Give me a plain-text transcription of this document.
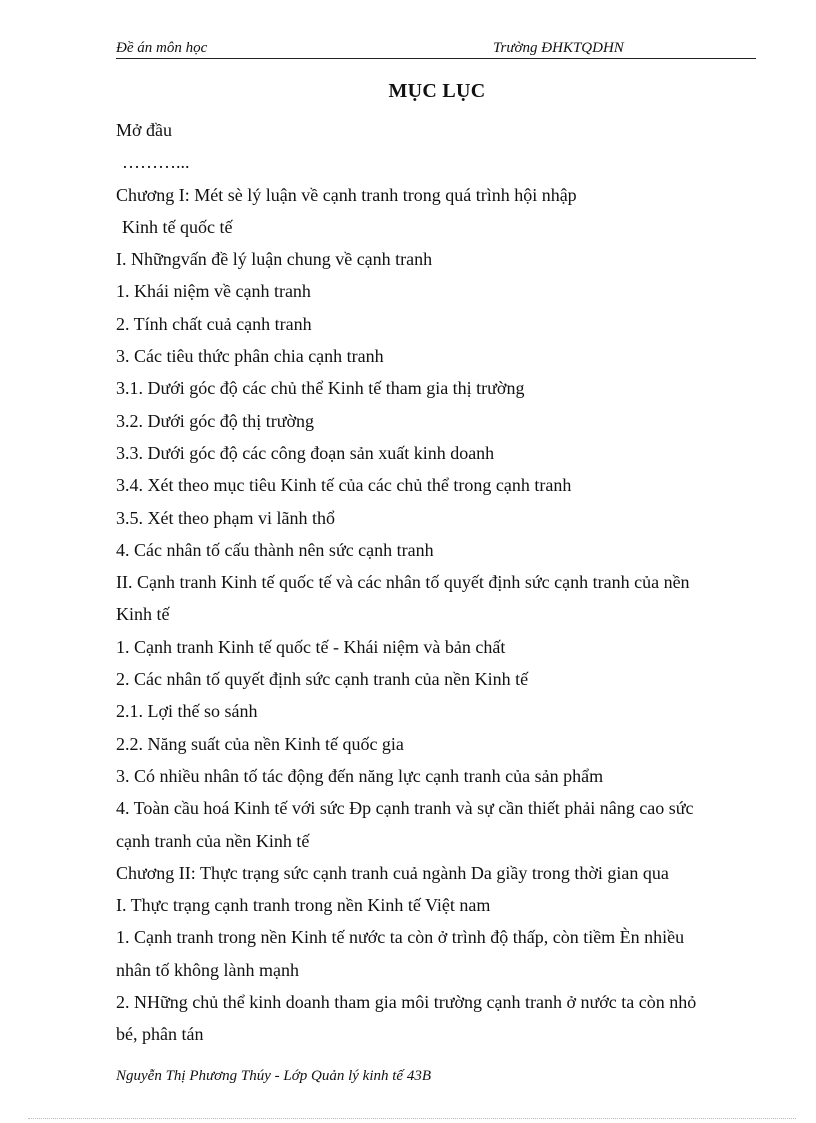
Đề án môn học	Trường ĐHKTQDHN
MỤC LỤC
Mở đầu
………...
Chương I: Mét sè lý luận về cạnh tranh trong quá trình hội nhập
Kinh tế quốc tế
I. Nhữngvấn đề lý luận chung về cạnh tranh
1. Khái niệm về cạnh tranh
2. Tính chất cuả cạnh tranh
3. Các tiêu thức phân chia cạnh tranh
3.1. Dưới góc độ các chủ thể Kinh tế tham gia thị trường
3.2. Dưới góc độ thị trường
3.3. Dưới góc độ các công đoạn sản xuất kinh doanh
3.4. Xét theo mục tiêu Kinh tế của các chủ thể trong cạnh tranh
3.5. Xét theo phạm vi lãnh thổ
4. Các nhân tố cấu thành nên sức cạnh tranh
II. Cạnh tranh Kinh tế quốc tế và các nhân tố quyết định sức cạnh tranh của nền
Kinh tế
1. Cạnh tranh Kinh tế quốc tế - Khái niệm và bản chất
2. Các nhân tố quyết định sức cạnh tranh của nền Kinh tế
2.1. Lợi thế so sánh
2.2. Năng suất của nền Kinh tế quốc gia
3. Có nhiều nhân tố tác động đến năng lực cạnh tranh của sản phẩm
4. Toàn cầu hoá Kinh tế với sức Ðp cạnh tranh và sự cần thiết phải nâng cao sức
cạnh tranh của nền Kinh tế
Chương II: Thực trạng sức cạnh tranh cuả ngành Da giầy trong thời gian qua
I. Thực trạng cạnh tranh trong nền Kinh tế Việt nam
1. Cạnh tranh trong nền Kinh tế nước ta còn ở trình độ thấp, còn tiềm Èn nhiều
nhân tố không lành mạnh
2. NHững chủ thể kinh doanh tham gia môi trường cạnh tranh ở nước ta còn nhỏ
bé, phân tán
Nguyễn Thị Phương Thúy - Lớp Quản lý kinh tế 43B
